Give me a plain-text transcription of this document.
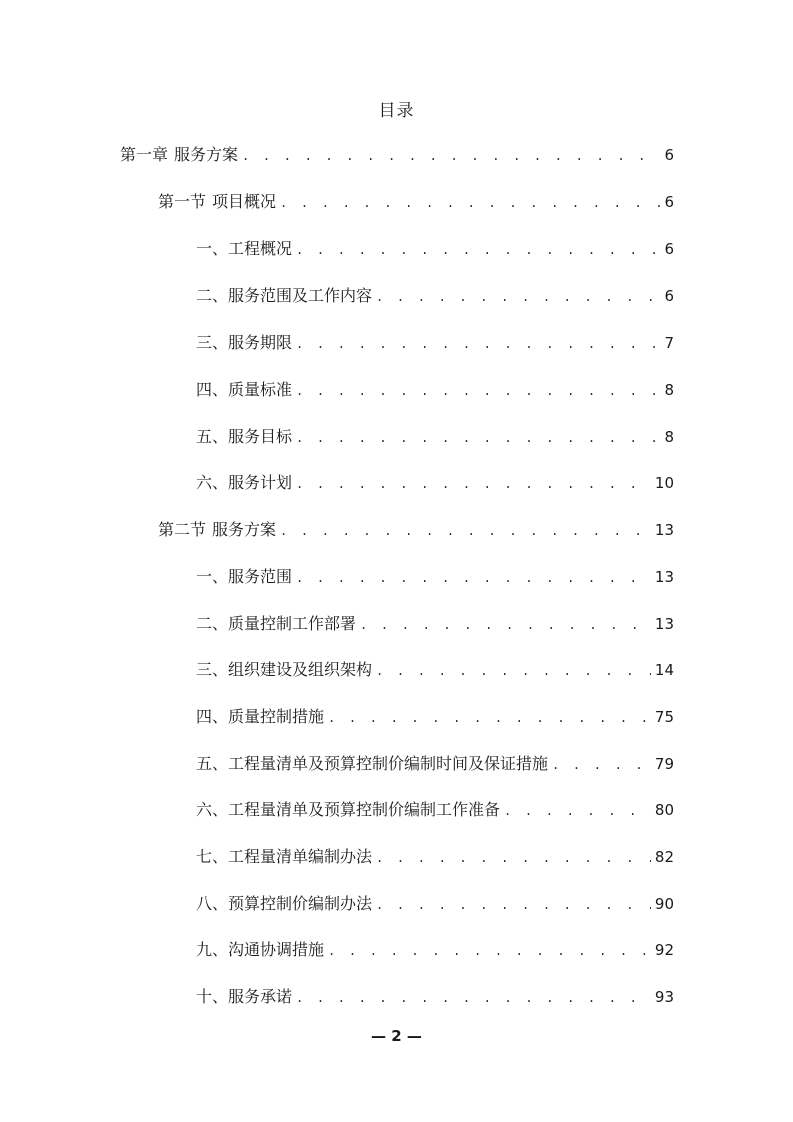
目录
第一章 服务方案 . . .	6
第一节 项目概况 . . .	6
一、 工程概况 . . .	6
二、 服务范围及工作内容 . . .	6
三、 服务期限 . . .	7
四、 质量标准 . . .	8
五、 服务目标 . . .	8
六、 服务计划 . . .	10
第二节 服务方案 . . .	13
一、 服务范围 . . .	13
二、 质量控制工作部署 . . .	13
三、 组织建设及组织架构 . . .	14
四、 质量控制措施 . . .	75
五、 工程量清单及预算控制价编制时间及保证措施 . . .	79
六、 工程量清单及预算控制价编制工作准备 . . .	80
七、 工程量清单编制办法 . . .	82
八、 预算控制价编制办法 . . .	90
九、 沟通协调措施 . . .	92
十、 服务承诺 . . .	93
— 2 —
